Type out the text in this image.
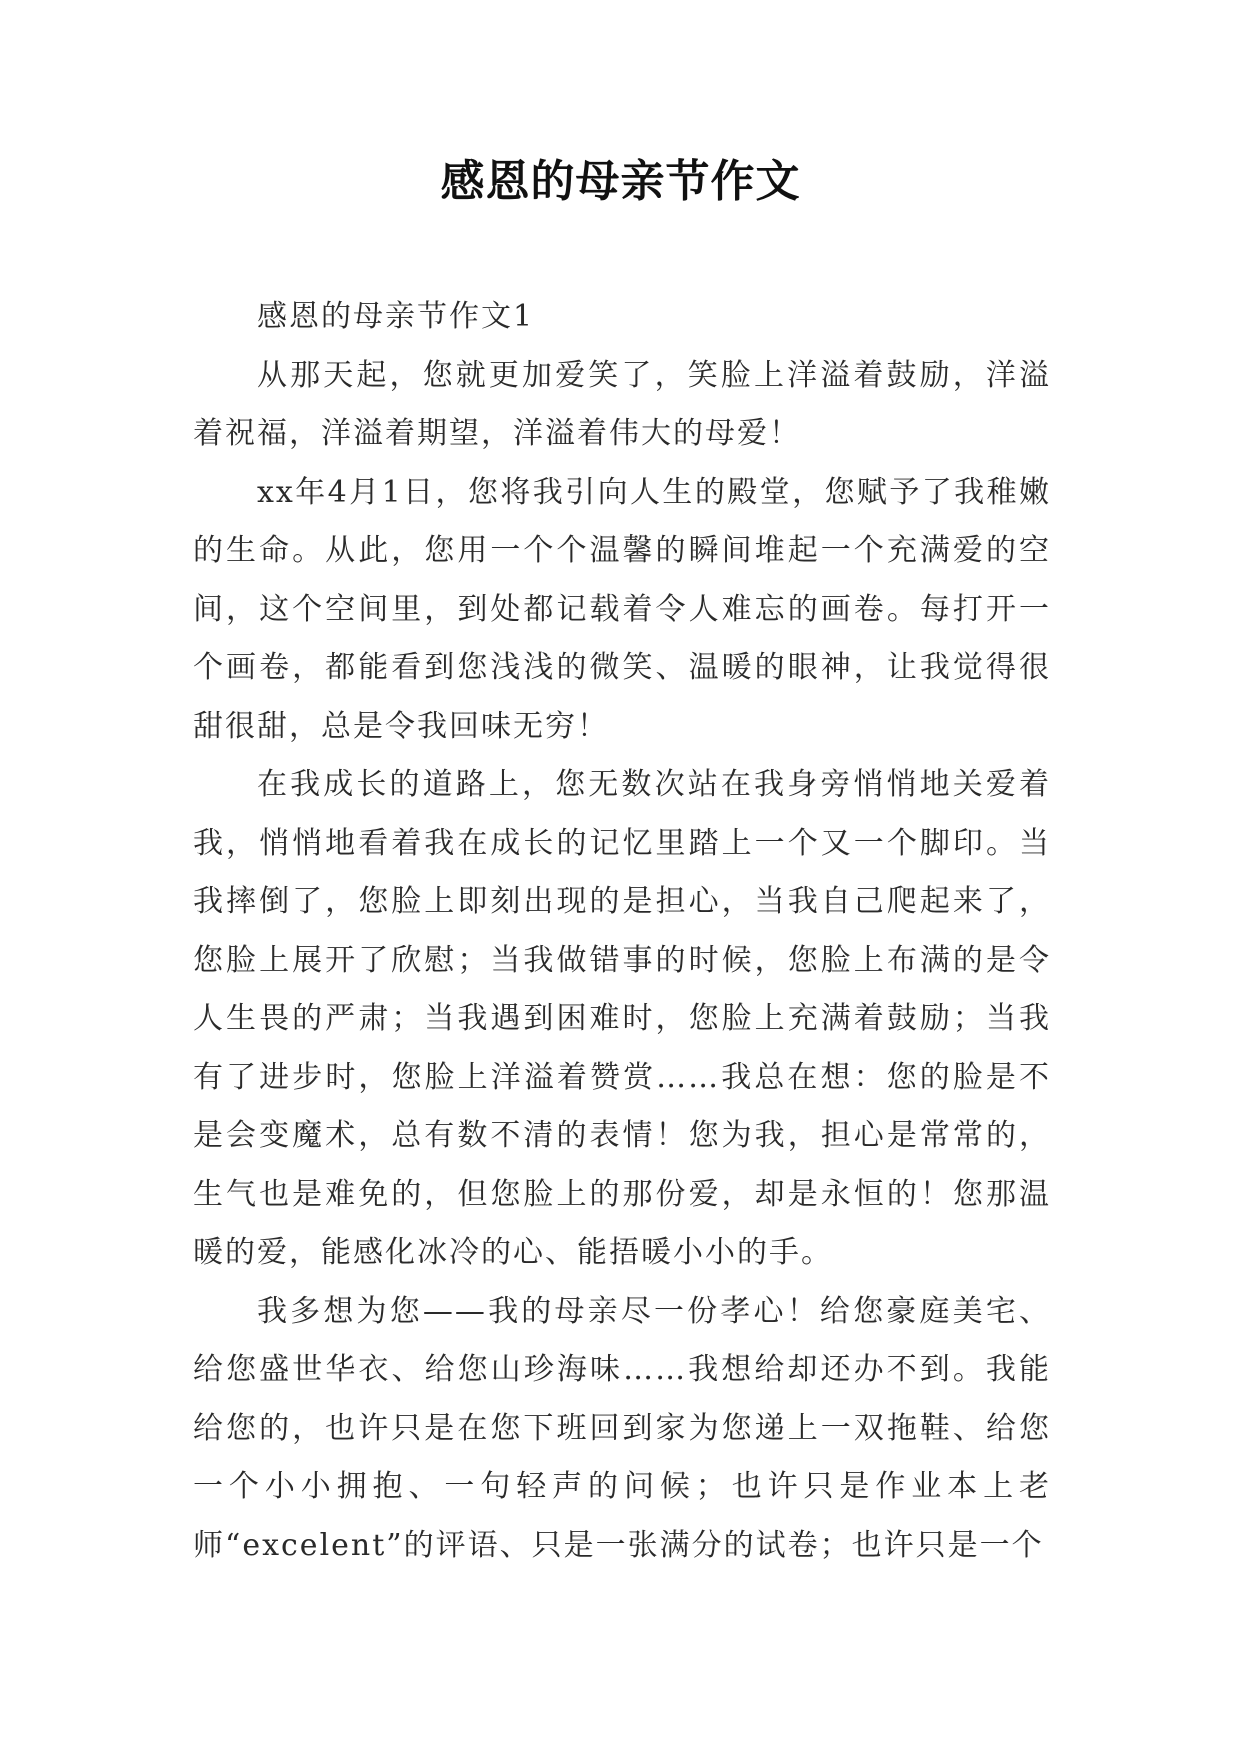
感恩的母亲节作文

感恩的母亲节作文1

从那天起，您就更加爱笑了，笑脸上洋溢着鼓励，洋溢着祝福，洋溢着期望，洋溢着伟大的母爱！

xx年4月1日，您将我引向人生的殿堂，您赋予了我稚嫩的生命。从此，您用一个个温馨的瞬间堆起一个充满爱的空间，这个空间里，到处都记载着令人难忘的画卷。每打开一个画卷，都能看到您浅浅的微笑、温暖的眼神，让我觉得很甜很甜，总是令我回味无穷！

在我成长的道路上，您无数次站在我身旁悄悄地关爱着我，悄悄地看着我在成长的记忆里踏上一个又一个脚印。当我摔倒了，您脸上即刻出现的是担心，当我自己爬起来了，您脸上展开了欣慰；当我做错事的时候，您脸上布满的是令人生畏的严肃；当我遇到困难时，您脸上充满着鼓励；当我有了进步时，您脸上洋溢着赞赏……我总在想：您的脸是不是会变魔术，总有数不清的表情！您为我，担心是常常的，生气也是难免的，但您脸上的那份爱，却是永恒的！您那温暖的爱，能感化冰冷的心、能捂暖小小的手。

我多想为您——我的母亲尽一份孝心！给您豪庭美宅、给您盛世华衣、给您山珍海味……我想给却还办不到。我能给您的，也许只是在您下班回到家为您递上一双拖鞋、给您一个小小拥抱、一句轻声的问候；也许只是作业本上老师“excelent”的评语、只是一张满分的试卷；也许只是一个
